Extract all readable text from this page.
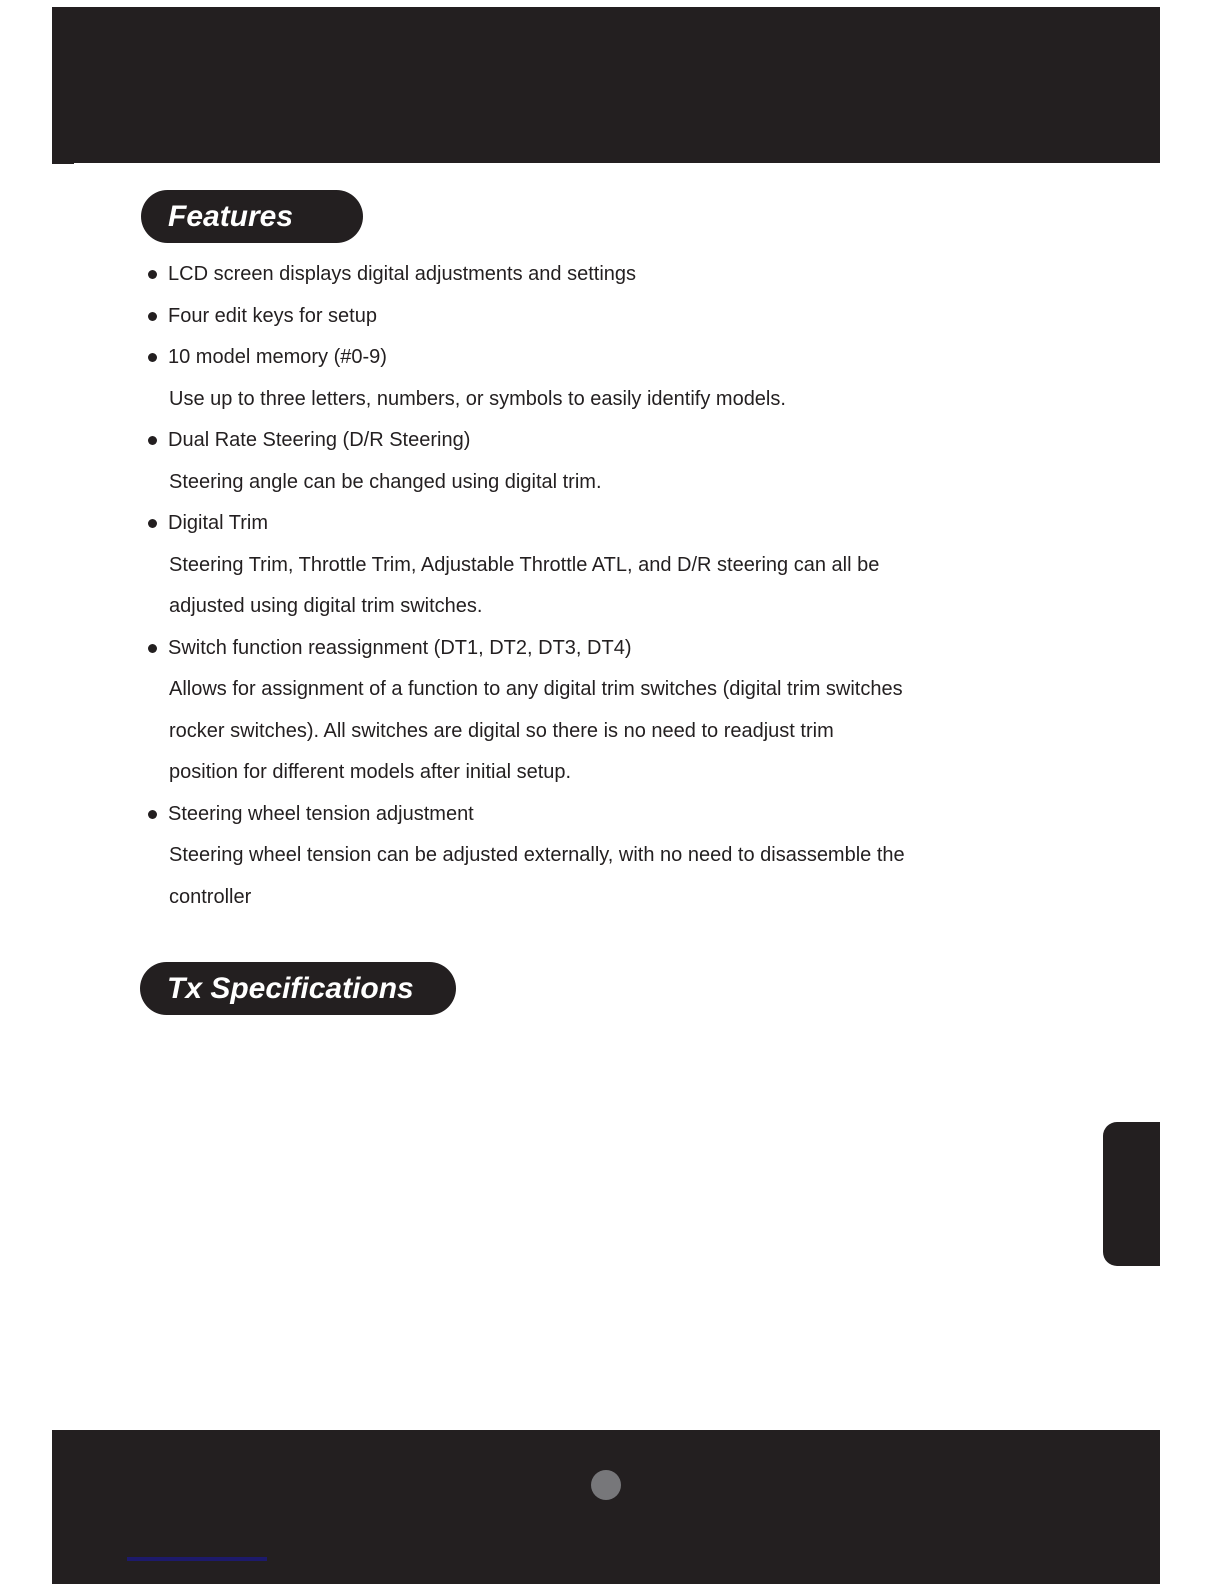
Features
LCD screen displays digital adjustments and settings
Four edit keys for setup
10 model memory (#0-9)
Use up to three letters, numbers, or symbols to easily identify models.
Dual Rate Steering (D/R Steering)
Steering angle can be changed using digital trim.
Digital Trim
Steering Trim, Throttle Trim, Adjustable Throttle ATL, and D/R steering can all be
adjusted using digital trim switches.
Switch function reassignment (DT1, DT2, DT3, DT4)
Allows for assignment of a function to any digital trim switches (digital trim switches
rocker switches). All switches are digital so there is no need to readjust trim
position for different models after initial setup.
Steering wheel tension adjustment
Steering wheel tension can be adjusted externally, with no need to disassemble the
controller
Tx Specifications
